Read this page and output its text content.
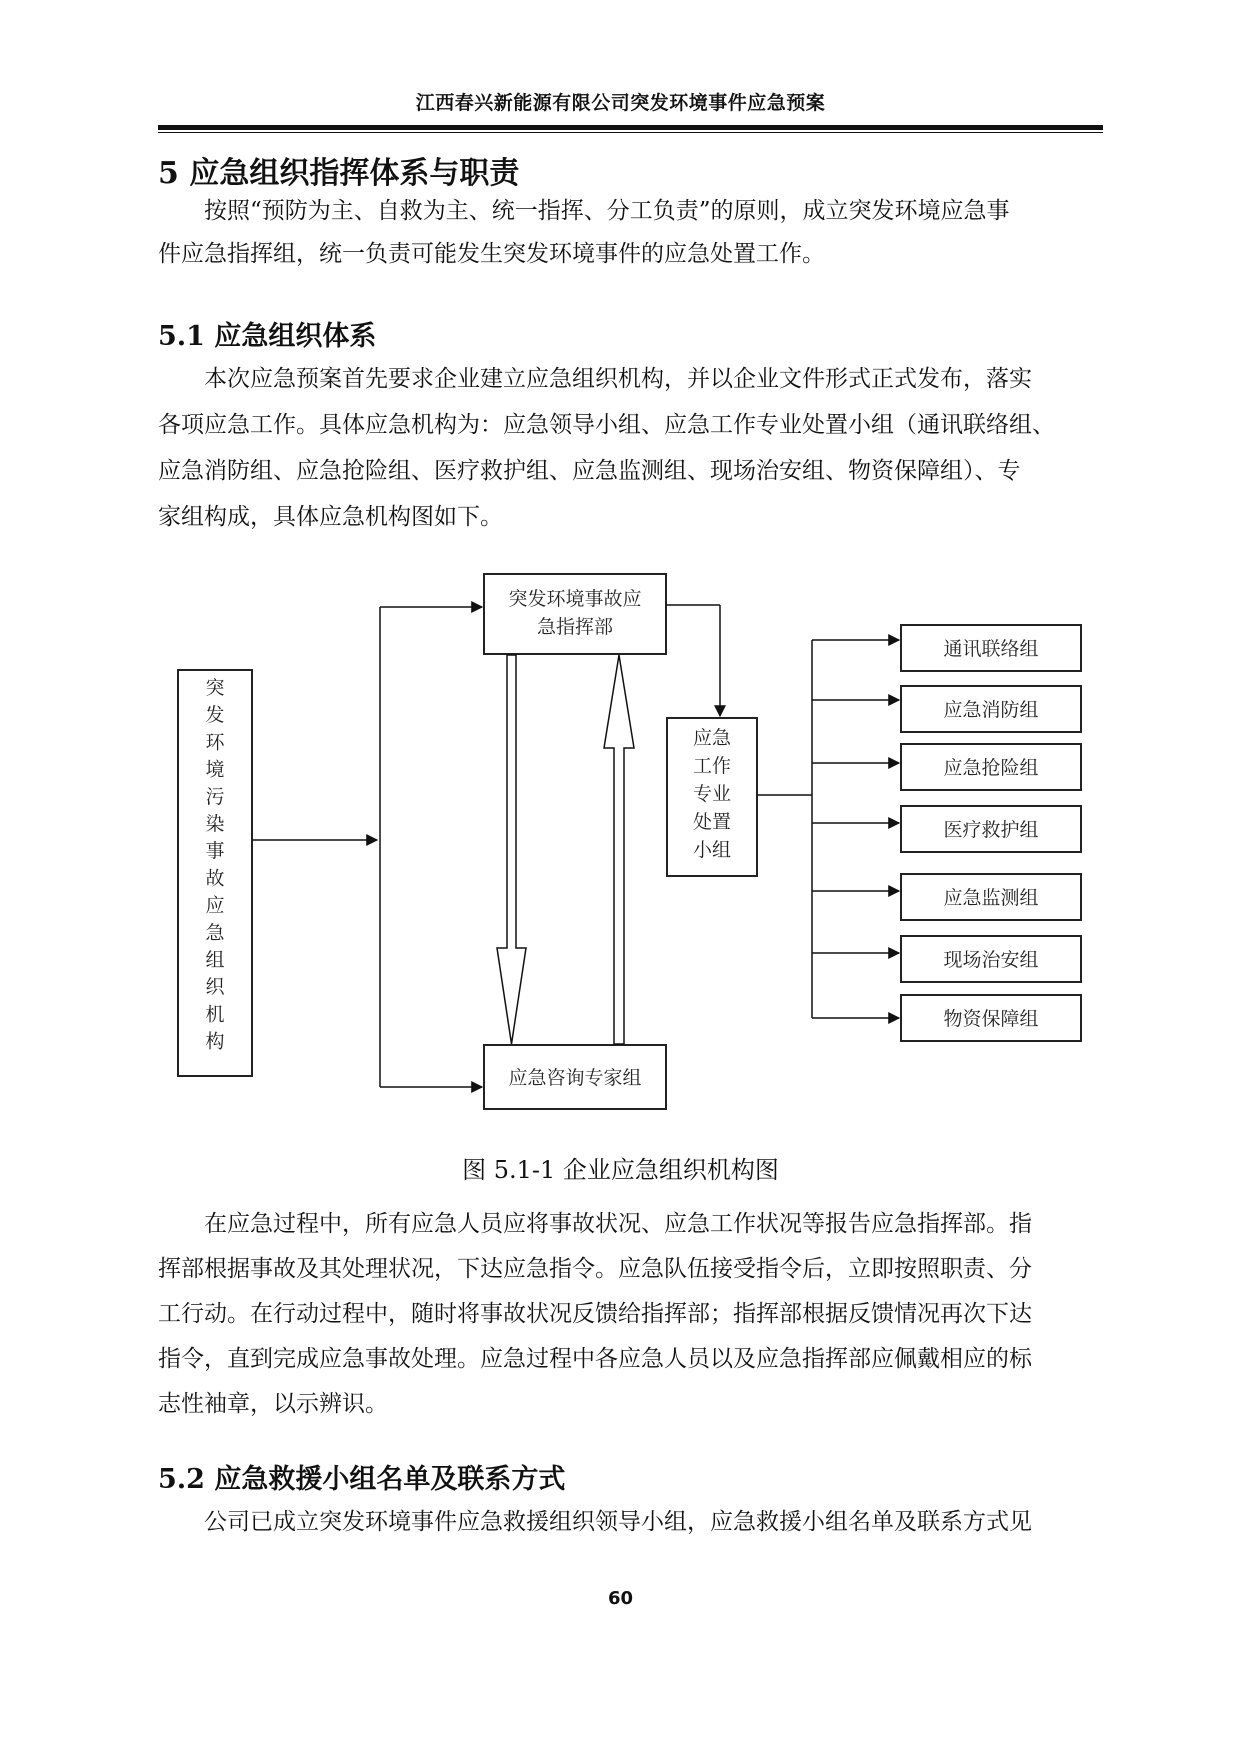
江西春兴新能源有限公司突发环境事件应急预案
5 应急组织指挥体系与职责
按照“预防为主、自救为主、统一指挥、分工负责”的原则，成立突发环境应急事
件应急指挥组，统一负责可能发生突发环境事件的应急处置工作。
5.1 应急组织体系
本次应急预案首先要求企业建立应急组织机构，并以企业文件形式正式发布，落实
各项应急工作。具体应急机构为：应急领导小组、应急工作专业处置小组（通讯联络组、
应急消防组、应急抢险组、医疗救护组、应急监测组、现场治安组、物资保障组）、专
家组构成，具体应急机构图如下。
突发环境污染事故应急组织机构
突发环境事故应
急指挥部
应急咨询专家组
应急
工作
专业
处置
小组
通讯联络组
应急消防组
应急抢险组
医疗救护组
应急监测组
现场治安组
物资保障组
图 5.1-1 企业应急组织机构图
在应急过程中，所有应急人员应将事故状况、应急工作状况等报告应急指挥部。指
挥部根据事故及其处理状况，下达应急指令。应急队伍接受指令后，立即按照职责、分
工行动。在行动过程中，随时将事故状况反馈给指挥部；指挥部根据反馈情况再次下达
指令，直到完成应急事故处理。应急过程中各应急人员以及应急指挥部应佩戴相应的标
志性袖章，以示辨识。
5.2 应急救援小组名单及联系方式
公司已成立突发环境事件应急救援组织领导小组，应急救援小组名单及联系方式见
60
